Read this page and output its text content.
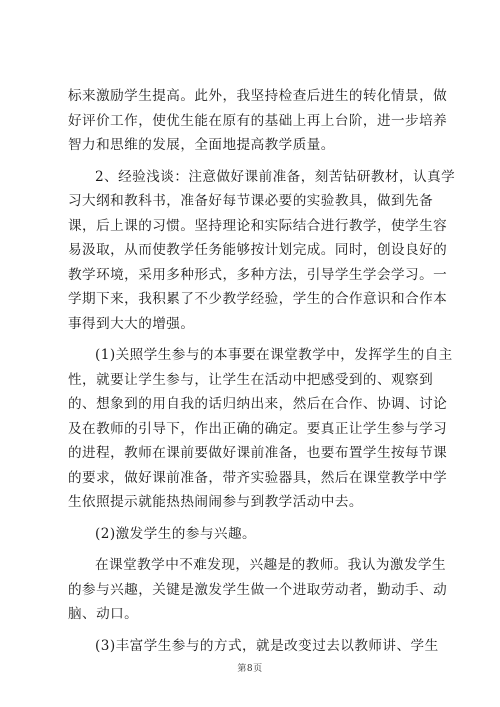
标来激励学生提高。此外，我坚持检查后进生的转化情景，做
好评价工作，使优生能在原有的基础上再上台阶，进一步培养
智力和思维的发展，全面地提高教学质量。
2、经验浅谈：注意做好课前准备，刻苦钻研教材，认真学
习大纲和教科书，准备好每节课必要的实验教具，做到先备
课，后上课的习惯。坚持理论和实际结合进行教学，使学生容
易汲取，从而使教学任务能够按计划完成。同时，创设良好的
教学环境，采用多种形式，多种方法，引导学生学会学习。一
学期下来，我积累了不少教学经验，学生的合作意识和合作本
事得到大大的增强。
(1)关照学生参与的本事要在课堂教学中，发挥学生的自主
性，就要让学生参与，让学生在活动中把感受到的、观察到
的、想象到的用自我的话归纳出来，然后在合作、协调、讨论
及在教师的引导下，作出正确的确定。要真正让学生参与学习
的进程，教师在课前要做好课前准备，也要布置学生按每节课
的要求，做好课前准备，带齐实验器具，然后在课堂教学中学
生依照提示就能热热闹闹参与到教学活动中去。
(2)激发学生的参与兴趣。
在课堂教学中不难发现，兴趣是的教师。我认为激发学生
的参与兴趣，关键是激发学生做一个进取劳动者，勤动手、动
脑、动口。
(3)丰富学生参与的方式，就是改变过去以教师讲、学生
第8页
